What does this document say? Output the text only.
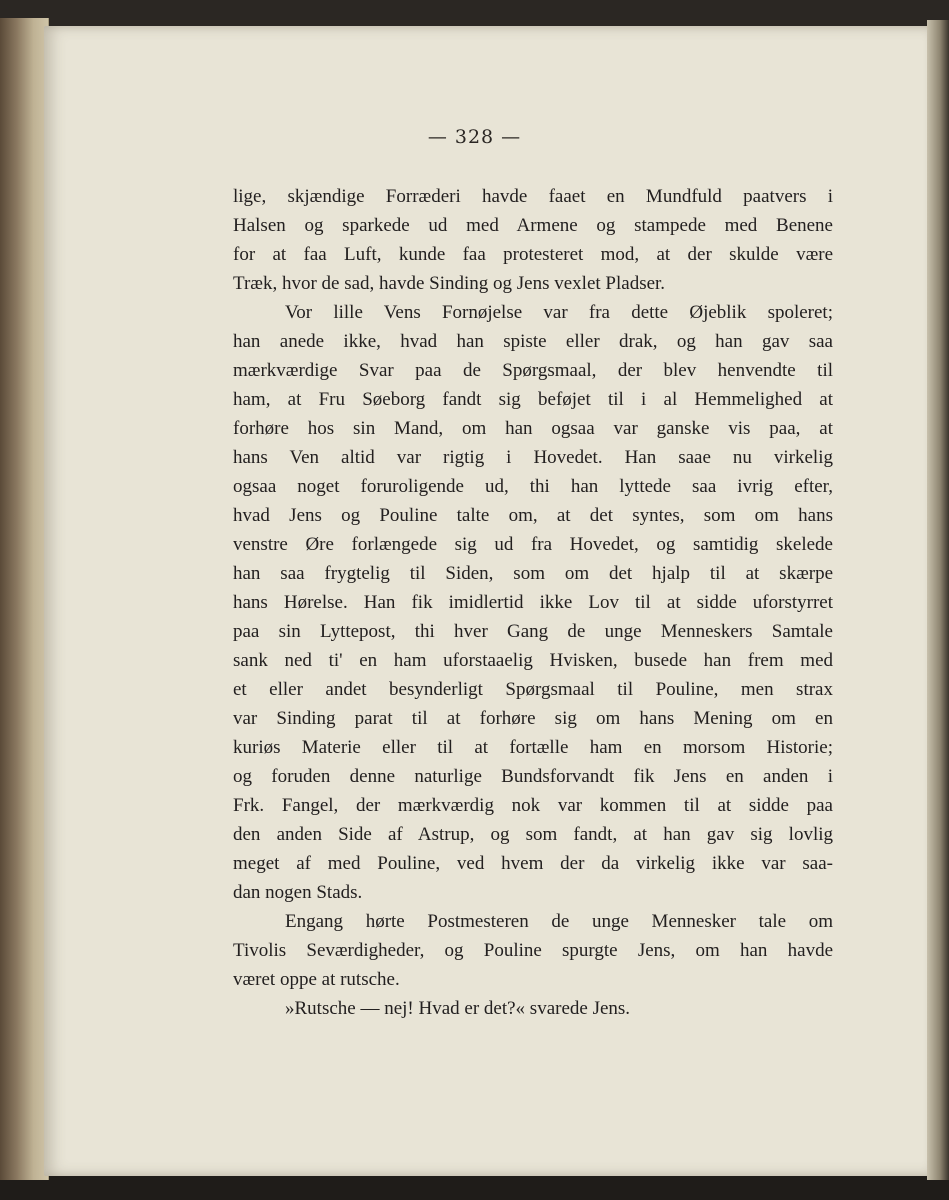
— 328 —
lige, skjændige Forræderi havde faaet en Mundfuld paatvers i
Halsen og sparkede ud med Armene og stampede med Benene
for at faa Luft, kunde faa protesteret mod, at der skulde være
Træk, hvor de sad, havde Sinding og Jens vexlet Pladser.
Vor lille Vens Fornøjelse var fra dette Øjeblik spoleret;
han anede ikke, hvad han spiste eller drak, og han gav saa
mærkværdige Svar paa de Spørgsmaal, der blev henvendte til
ham, at Fru Søeborg fandt sig beføjet til i al Hemmelighed at
forhøre hos sin Mand, om han ogsaa var ganske vis paa, at
hans Ven altid var rigtig i Hovedet. Han saae nu virkelig
ogsaa noget foruroligende ud, thi han lyttede saa ivrig efter,
hvad Jens og Pouline talte om, at det syntes, som om hans
venstre Øre forlængede sig ud fra Hovedet, og samtidig skelede
han saa frygtelig til Siden, som om det hjalp til at skærpe
hans Hørelse. Han fik imidlertid ikke Lov til at sidde uforstyrret
paa sin Lyttepost, thi hver Gang de unge Menneskers Samtale
sank ned ti' en ham uforstaaelig Hvisken, busede han frem med
et eller andet besynderligt Spørgsmaal til Pouline, men strax
var Sinding parat til at forhøre sig om hans Mening om en
kuriøs Materie eller til at fortælle ham en morsom Historie;
og foruden denne naturlige Bundsforvandt fik Jens en anden i
Frk. Fangel, der mærkværdig nok var kommen til at sidde paa
den anden Side af Astrup, og som fandt, at han gav sig lovlig
meget af med Pouline, ved hvem der da virkelig ikke var saa-
dan nogen Stads.
Engang hørte Postmesteren de unge Mennesker tale om
Tivolis Seværdigheder, og Pouline spurgte Jens, om han havde
været oppe at rutsche.
»Rutsche — nej! Hvad er det?« svarede Jens.
